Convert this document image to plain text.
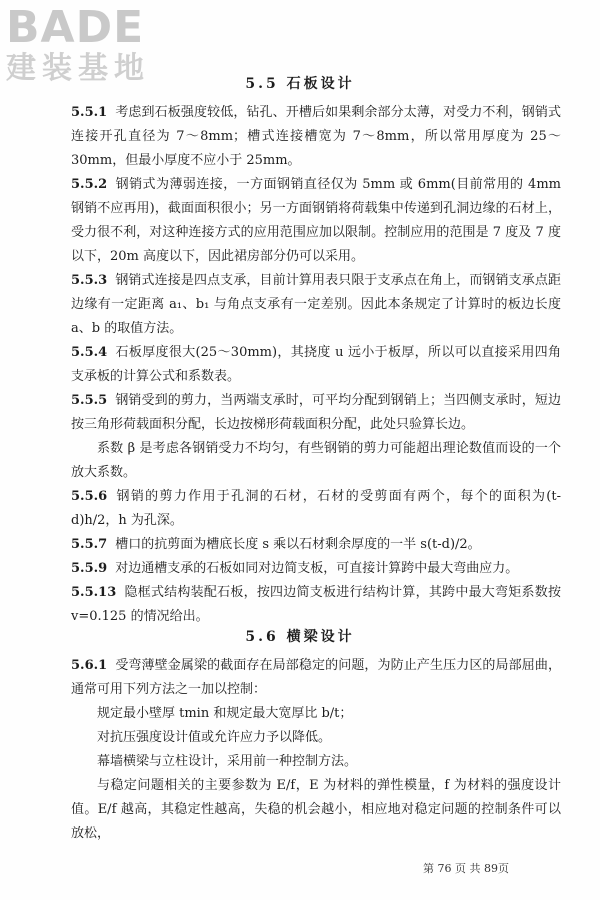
BADE
建装基地	5.5 石板设计

5.5.1 考虑到石板强度较低，钻孔、开槽后如果剩余部分太薄，对受力不利，钢销式连接开孔直径为 7～8mm；槽式连接槽宽为 7～8mm，所以常用厚度为 25～30mm，但最小厚度不应小于 25mm。

5.5.2 钢销式为薄弱连接，一方面钢销直径仅为 5mm 或 6mm(目前常用的 4mm 钢销不应再用)，截面面积很小；另一方面钢销将荷载集中传递到孔洞边缘的石材上，受力很不利，对这种连接方式的应用范围应加以限制。控制应用的范围是 7 度及 7 度以下，20m 高度以下，因此裙房部分仍可以采用。

5.5.3 钢销式连接是四点支承，目前计算用表只限于支承点在角上，而钢销支承点距边缘有一定距离 a₁、b₁ 与角点支承有一定差别。因此本条规定了计算时的板边长度 a、b 的取值方法。

5.5.4 石板厚度很大(25～30mm)，其挠度 u 远小于板厚，所以可以直接采用四角支承板的计算公式和系数表。

5.5.5 钢销受到的剪力，当两端支承时，可平均分配到钢销上；当四侧支承时，短边按三角形荷载面积分配，长边按梯形荷载面积分配，此处只验算长边。

系数 β 是考虑各钢销受力不均匀，有些钢销的剪力可能超出理论数值而设的一个放大系数。

5.5.6 钢销的剪力作用于孔洞的石材，石材的受剪面有两个，每个的面积为(t-d)h/2，h 为孔深。

5.5.7 槽口的抗剪面为槽底长度 s 乘以石材剩余厚度的一半 s(t-d)/2。

5.5.9 对边通槽支承的石板如同对边简支板，可直接计算跨中最大弯曲应力。

5.5.13 隐框式结构装配石板，按四边简支板进行结构计算，其跨中最大弯矩系数按 v=0.125 的情况给出。

5.6 横梁设计

5.6.1 受弯薄壁金属梁的截面存在局部稳定的问题，为防止产生压力区的局部屈曲，通常可用下列方法之一加以控制：

规定最小壁厚 tmin 和规定最大宽厚比 b/t；

对抗压强度设计值或允许应力予以降低。

幕墙横梁与立柱设计，采用前一种控制方法。

与稳定问题相关的主要参数为 E/f，E 为材料的弹性模量，f 为材料的强度设计值。E/f 越高，其稳定性越高，失稳的机会越小，相应地对稳定问题的控制条件可以放松，

第 76 页 共 89页
